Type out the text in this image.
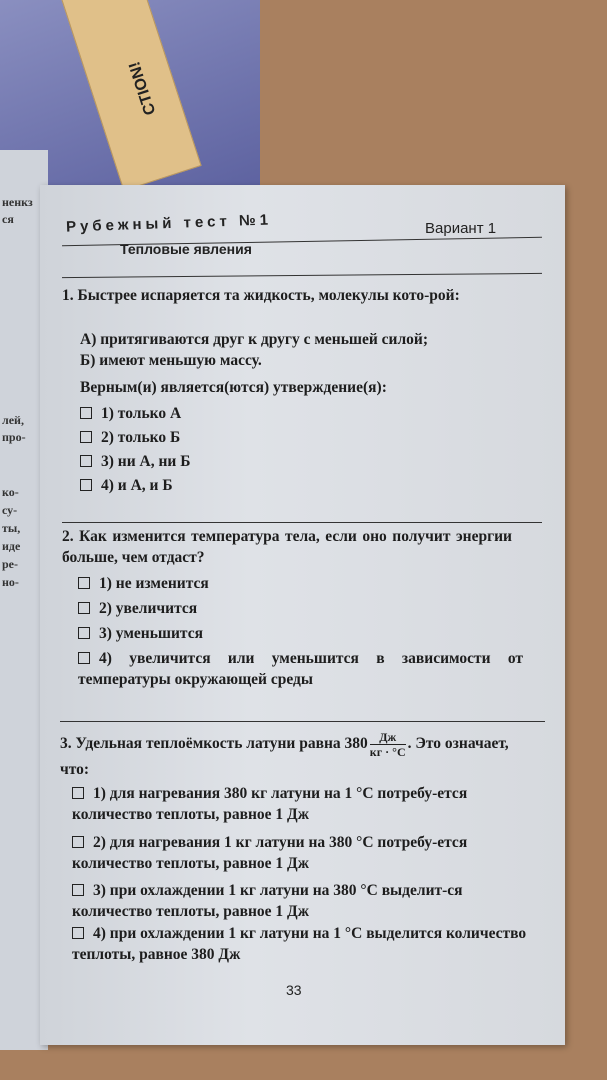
CTION!
ненкз
ся
лей,
про-
ко-
су-
ты,
иде
ре-
но-
Рубежный тест №1	Вариант 1
Тепловые явления
1. Быстрее испаряется та жидкость, молекулы кото-рой:
А) притягиваются друг к другу с меньшей силой;
Б) имеют меньшую массу.
Верным(и) является(ются) утверждение(я):
1) только А
2) только Б
3) ни А, ни Б
4) и А, и Б
2. Как изменится температура тела, если оно получит энергии больше, чем отдаст?
1) не изменится
2) увеличится
3) уменьшится
4) увеличится или уменьшится в зависимости от температуры окружающей среды
3. Удельная теплоёмкость латуни равна $380 \frac{Дж}{кг \cdot ^\circ С}$ . Это означает, что:
1) для нагревания 380 кг латуни на 1 °С потребу-ется количество теплоты, равное 1 Дж
2) для нагревания 1 кг латуни на 380 °С потребу-ется количество теплоты, равное 1 Дж
3) при охлаждении 1 кг латуни на 380 °С выделит-ся количество теплоты, равное 1 Дж
4) при охлаждении 1 кг латуни на 1 °С выделится количество теплоты, равное 380 Дж
33
